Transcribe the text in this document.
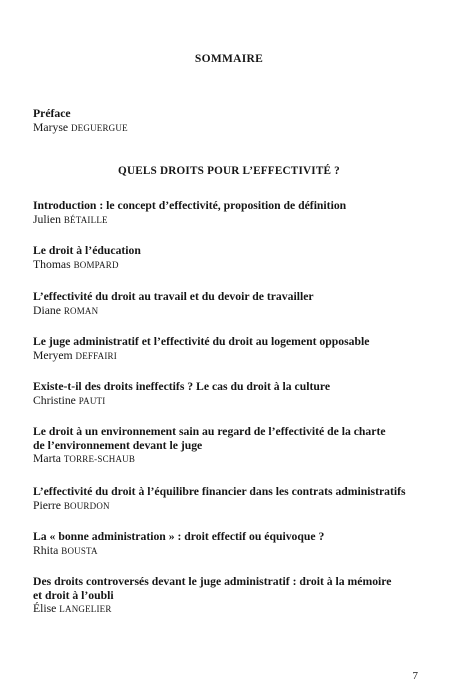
SOMMAIRE
Préface
Maryse DEGUERGUE
QUELS DROITS POUR L’EFFECTIVITÉ ?
Introduction : le concept d’effectivité, proposition de définition
Julien BÉTAILLE
Le droit à l’éducation
Thomas BOMPARD
L’effectivité du droit au travail et du devoir de travailler
Diane ROMAN
Le juge administratif et l’effectivité du droit au logement opposable
Meryem DEFFAIRI
Existe-t-il des droits ineffectifs ? Le cas du droit à la culture
Christine PAUTI
Le droit à un environnement sain au regard de l’effectivité de la charte
de l’environnement devant le juge
Marta TORRE-SCHAUB
L’effectivité du droit à l’équilibre financier dans les contrats administratifs
Pierre BOURDON
La « bonne administration » : droit effectif ou équivoque ?
Rhita BOUSTA
Des droits controversés devant le juge administratif : droit à la mémoire
et droit à l’oubli
Élise LANGELIER
7
